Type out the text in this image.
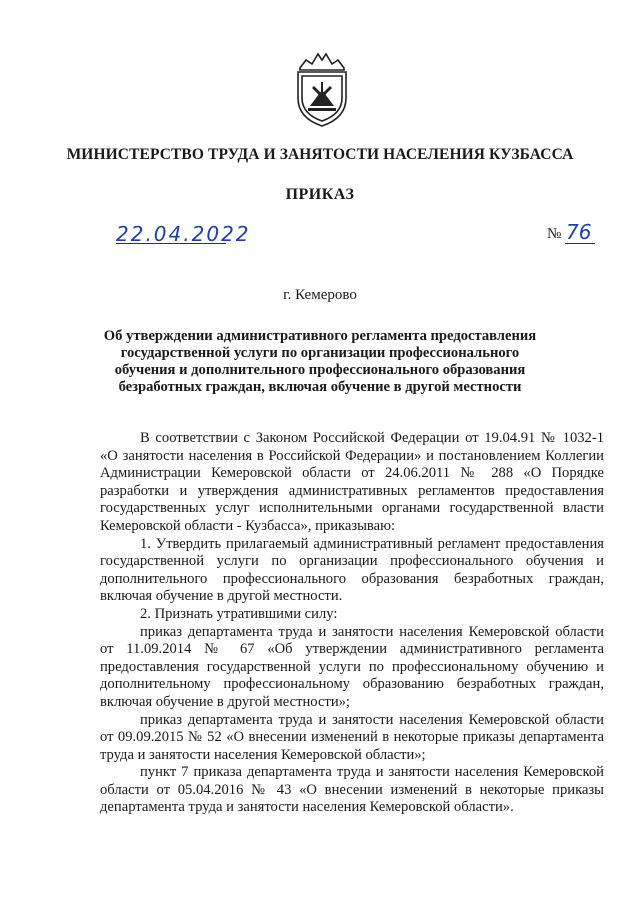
МИНИСТЕРСТВО ТРУДА И ЗАНЯТОСТИ НАСЕЛЕНИЯ КУЗБАССА
ПРИКАЗ
22.04.2022	№ 76
г. Кемерово
Об утверждении административного регламента предоставления государственной услуги по организации профессионального обучения и дополнительного профессионального образования безработных граждан, включая обучение в другой местности

В соответствии с Законом Российской Федерации от 19.04.91 № 1032-1 «О занятости населения в Российской Федерации» и постановлением Коллегии Администрации Кемеровской области от 24.06.2011 № 288 «О Порядке разработки и утверждения административных регламентов предоставления государственных услуг исполнительными органами государственной власти Кемеровской области - Кузбасса», приказываю:

1. Утвердить прилагаемый административный регламент предоставления государственной услуги по организации профессионального обучения и дополнительного профессионального образования безработных граждан, включая обучение в другой местности.

2. Признать утратившими силу:

приказ департамента труда и занятости населения Кемеровской области от 11.09.2014 № 67 «Об утверждении административного регламента предоставления государственной услуги по профессиональному обучению и дополнительному профессиональному образованию безработных граждан, включая обучение в другой местности»;

приказ департамента труда и занятости населения Кемеровской области от 09.09.2015 № 52 «О внесении изменений в некоторые приказы департамента труда и занятости населения Кемеровской области»;

пункт 7 приказа департамента труда и занятости населения Кемеровской области от 05.04.2016 № 43 «О внесении изменений в некоторые приказы департамента труда и занятости населения Кемеровской области».
